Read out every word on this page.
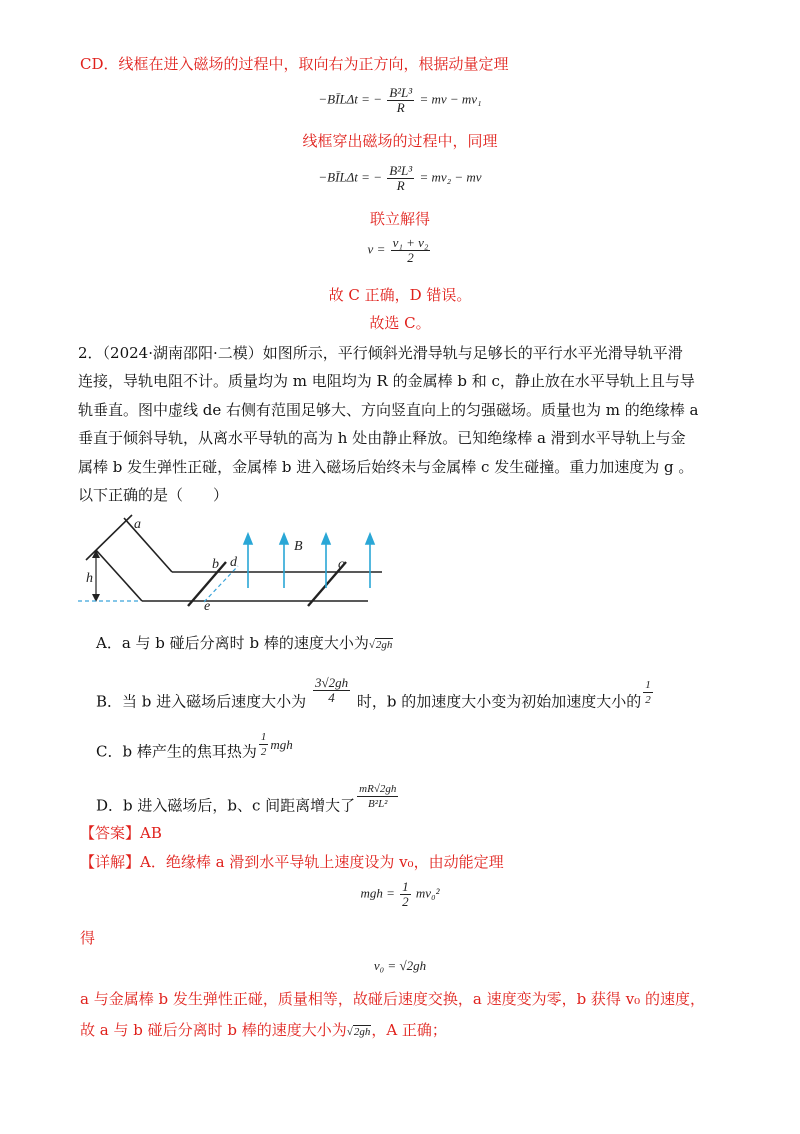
CD．线框在进入磁场的过程中，取向右为正方向，根据动量定理
−BĪLΔt = − $\frac{\text{B²L³}}{R}$ = mv − mv₁
线框穿出磁场的过程中，同理
−BĪLΔt = − $\frac{\text{B²L³}}{R} = mv_2$ − mv
联立解得
$v = \frac{\text{v₁ + v₂}}{2}$
故 C 正确，D 错误。
故选 C。
2．（2024·湖南邵阳·二模）如图所示，平行倾斜光滑导轨与足够长的平行水平光滑导轨平滑
连接，导轨电阻不计。质量均为 m 电阻均为 R 的金属棒 b 和 c，静止放在水平导轨上且与导
轨垂直。图中虚线 de 右侧有范围足够大、方向竖直向上的匀强磁场。质量也为 m 的绝缘棒 a
垂直于倾斜导轨，从离水平导轨的高为 h 处由静止释放。已知绝缘棒 a 滑到水平导轨上与金
属棒 b 发生弹性正碰，金属棒 b 进入磁场后始终未与金属棒 c 发生碰撞。重力加速度为 g 。
以下正确的是（　　）
a
b d
e
c
h
B
A．a 与 b 碰后分离时 b 棒的速度大小为√2gh
B．当 b 进入磁场后速度大小为 $\frac{3√2gh}{4}$ 时，b 的加速度大小变为初始加速度大小的 $\frac{1}{2}$
C．b 棒产生的焦耳热为 $\frac{1}{2}$ mgh
D．b 进入磁场后，b、c 间距离增大了 $\frac{mR√2gh}{\text{B²L²}}$
【答案】AB
【详解】A．绝缘棒 a 滑到水平导轨上速度设为 v₀，由动能定理
mgh = $\frac{1}{2} mv_0^2$
得
v₀ = √2gh
a 与金属棒 b 发生弹性正碰，质量相等，故碰后速度交换，a 速度变为零，b 获得 v₀ 的速度，
故 a 与 b 碰后分离时 b 棒的速度大小为√2gh，A 正确；
